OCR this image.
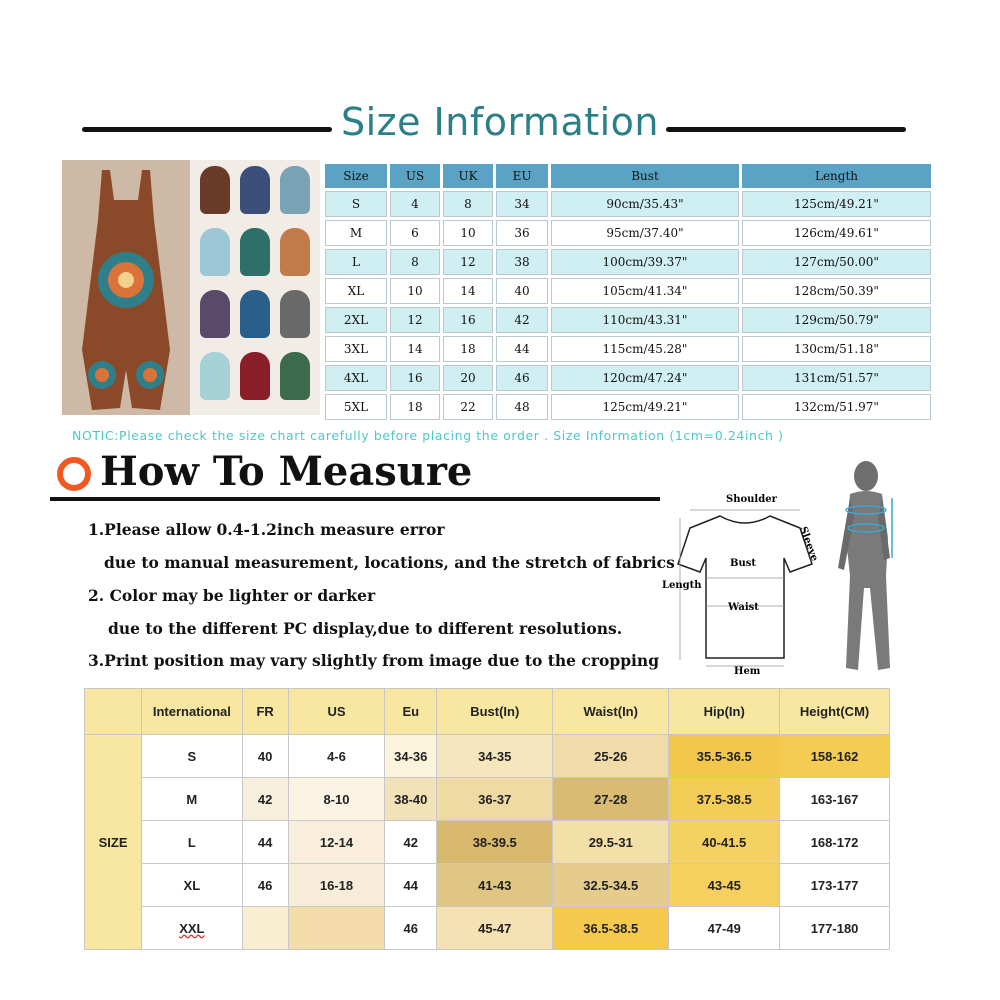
Size Information
Size	US	UK	EU	Bust	Length
S	4	8	34	90cm/35.43"	125cm/49.21"
M	6	10	36	95cm/37.40"	126cm/49.61"
L	8	12	38	100cm/39.37"	127cm/50.00"
XL	10	14	40	105cm/41.34"	128cm/50.39"
2XL	12	16	42	110cm/43.31"	129cm/50.79"
3XL	14	18	44	115cm/45.28"	130cm/51.18"
4XL	16	20	46	120cm/47.24"	131cm/51.57"
5XL	18	22	48	125cm/49.21"	132cm/51.97"
NOTIC:Please check the size chart carefully before placing the order . Size Information (1cm=0.24inch )
How To Measure
1.Please allow 0.4-1.2inch measure error
due to manual measurement, locations, and the stretch of fabrics
2. Color may be lighter or darker
due to the different PC display,due to different resolutions.
3.Print position may vary slightly from image due to the cropping
Shoulder
Sleeve
Bust
Length
Waist
Hem
	International	FR	US	Eu	Bust(In)	Waist(In)	Hip(In)	Height(CM)
SIZE	S	40	4-6	34-36	34-35	25-26	35.5-36.5	158-162
	M	42	8-10	38-40	36-37	27-28	37.5-38.5	163-167
	L	44	12-14	42	38-39.5	29.5-31	40-41.5	168-172
	XL	46	16-18	44	41-43	32.5-34.5	43-45	173-177
	XXL			46	45-47	36.5-38.5	47-49	177-180
